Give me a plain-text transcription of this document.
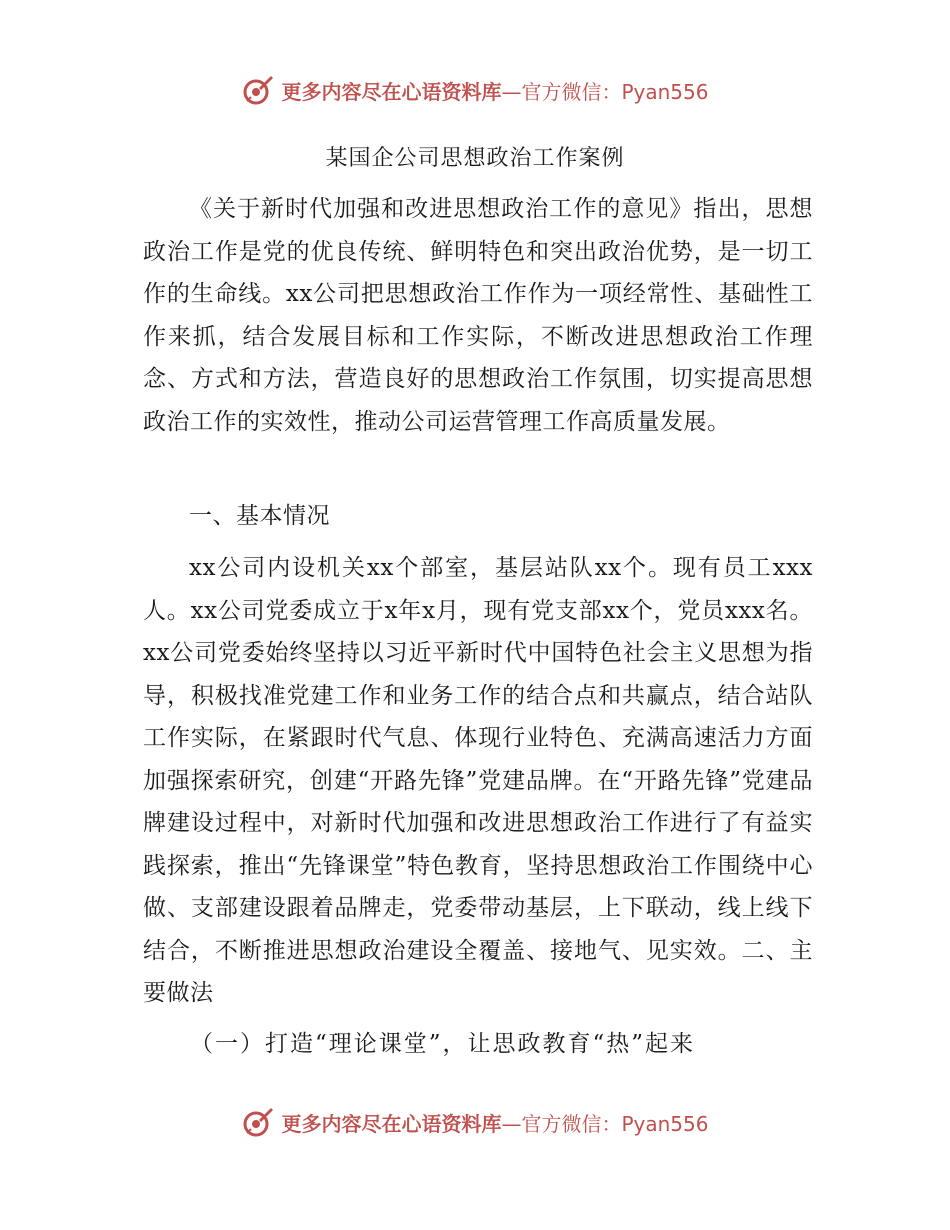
更多内容尽在心语资料库—官方微信：Pyan556
某国企公司思想政治工作案例
《关于新时代加强和改进思想政治工作的意见》指出，思想政治工作是党的优良传统、鲜明特色和突出政治优势，是一切工作的生命线。xx公司把思想政治工作作为一项经常性、基础性工作来抓，结合发展目标和工作实际，不断改进思想政治工作理念、方式和方法，营造良好的思想政治工作氛围，切实提高思想政治工作的实效性，推动公司运营管理工作高质量发展。
一、基本情况
xx公司内设机关xx个部室，基层站队xx个。现有员工xxx人。xx公司党委成立于x年x月，现有党支部xx个，党员xxx名。xx公司党委始终坚持以习近平新时代中国特色社会主义思想为指导，积极找准党建工作和业务工作的结合点和共赢点，结合站队工作实际，在紧跟时代气息、体现行业特色、充满高速活力方面加强探索研究，创建“开路先锋”党建品牌。在“开路先锋”党建品牌建设过程中，对新时代加强和改进思想政治工作进行了有益实践探索，推出“先锋课堂”特色教育，坚持思想政治工作围绕中心做、支部建设跟着品牌走，党委带动基层，上下联动，线上线下结合，不断推进思想政治建设全覆盖、接地气、见实效。二、主要做法
（一）打造“理论课堂”，让思政教育“热”起来
更多内容尽在心语资料库—官方微信：Pyan556
